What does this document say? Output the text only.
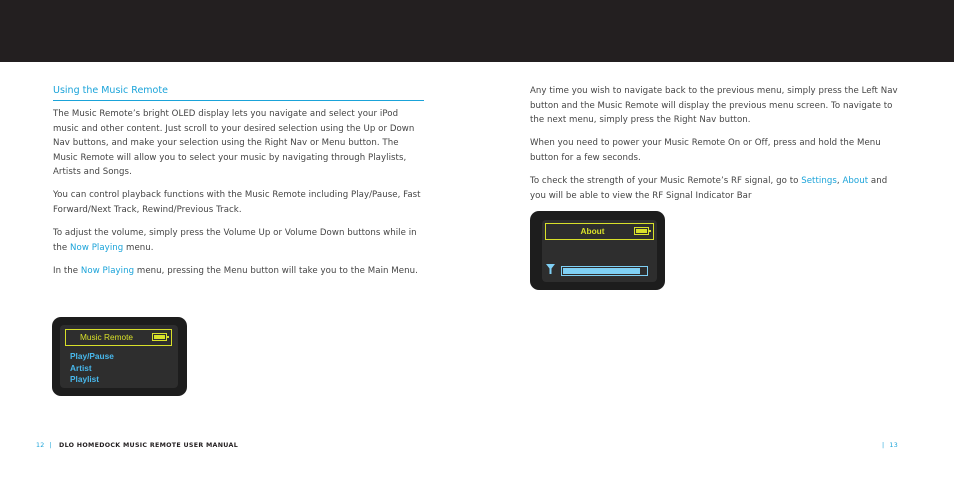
Using the Music Remote

The Music Remote’s bright OLED display lets you navigate and select your iPod music and other content. Just scroll to your desired selection using the Up or Down Nav buttons, and make your selection using the Right Nav or Menu button. The Music Remote will allow you to select your music by navigating through Playlists, Artists and Songs.

You can control playback functions with the Music Remote including Play/Pause, Fast Forward/Next Track, Rewind/Previous Track.

To adjust the volume, simply press the Volume Up or Volume Down buttons while in the Now Playing menu.

In the Now Playing menu, pressing the Menu button will take you to the Main Menu.

Music Remote
Play/Pause
Artist
Playlist
12 | DLO HOMEDOCK MUSIC REMOTE USER MANUAL

Any time you wish to navigate back to the previous menu, simply press the Left Nav button and the Music Remote will display the previous menu screen. To navigate to the next menu, simply press the Right Nav button.

When you need to power your Music Remote On or Off, press and hold the Menu button for a few seconds.

To check the strength of your Music Remote’s RF signal, go to Settings, About and you will be able to view the RF Signal Indicator Bar

About
| 13
